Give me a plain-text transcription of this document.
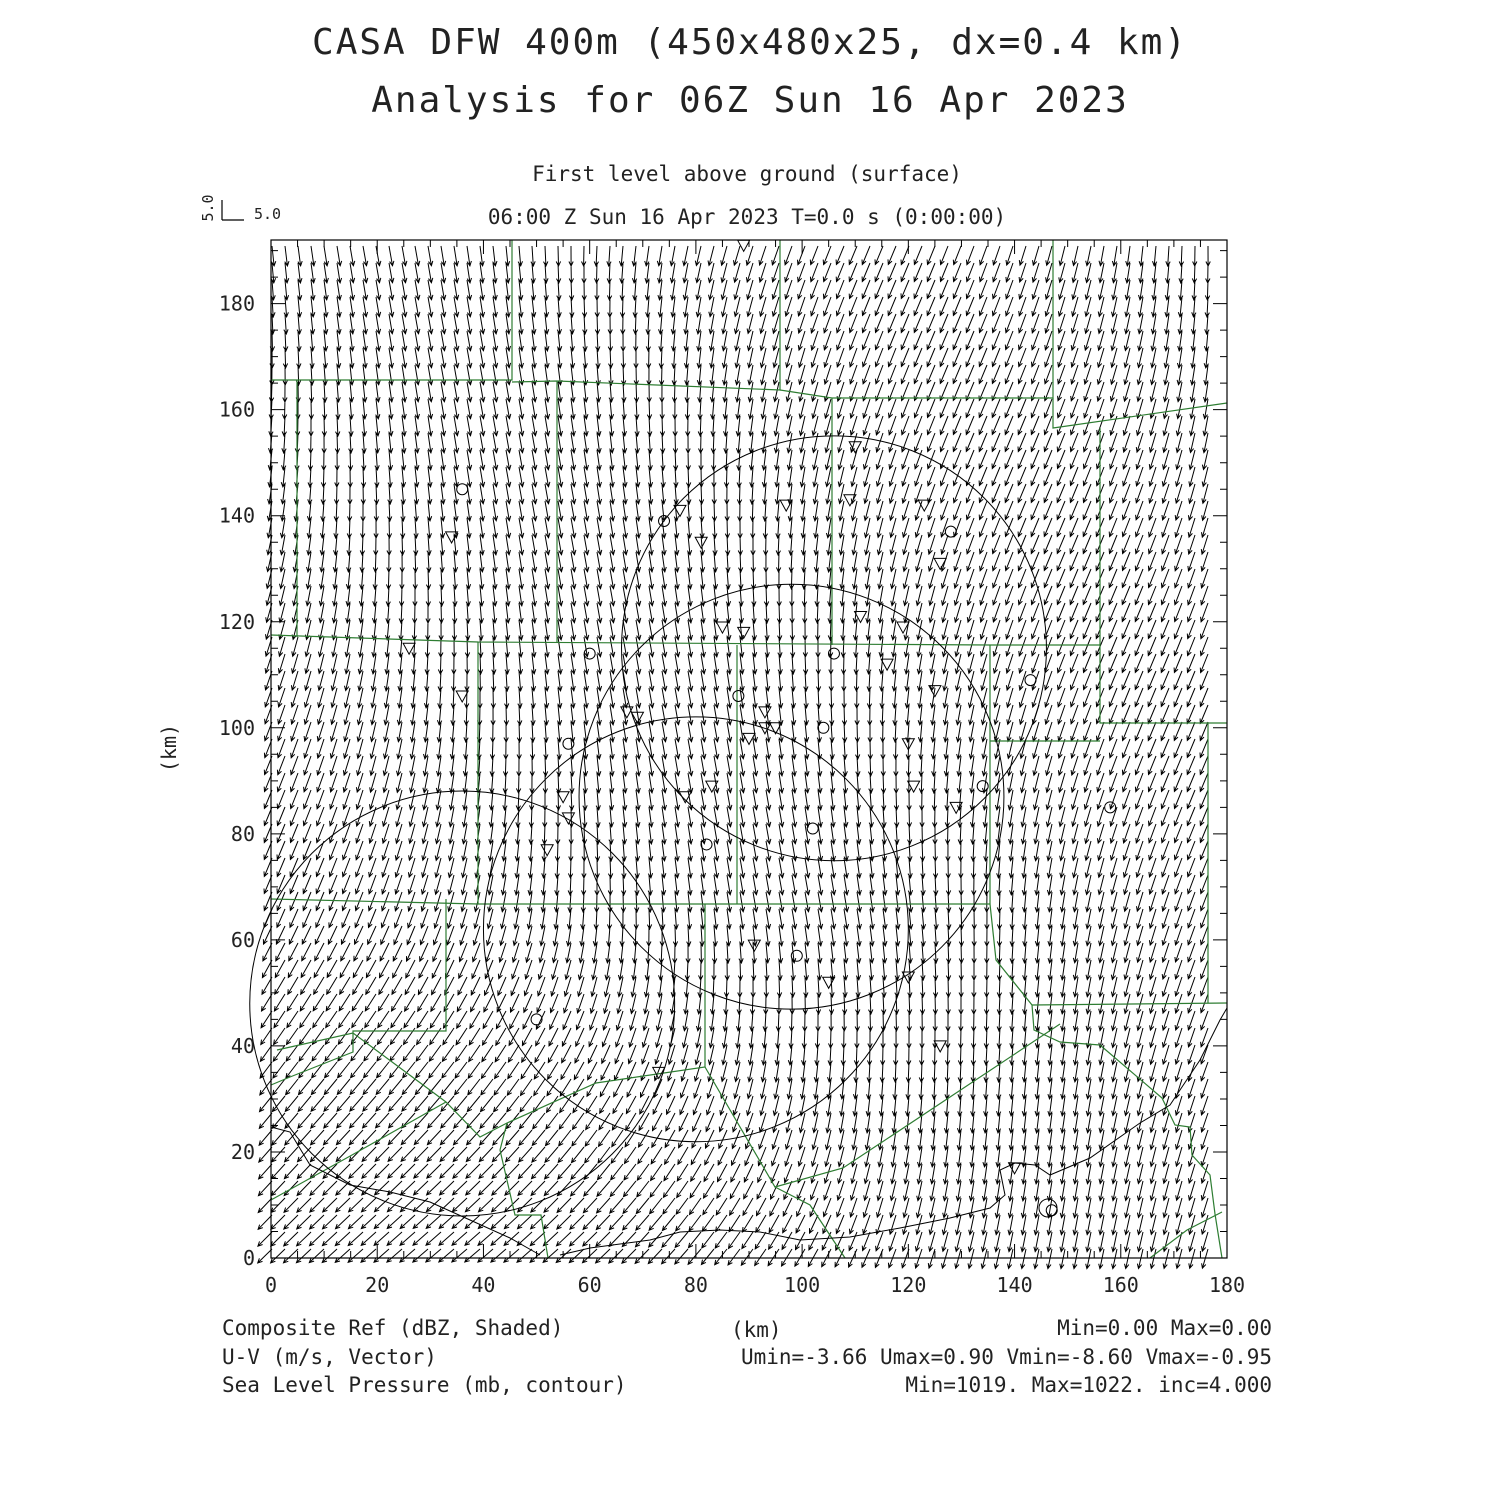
CASA DFW 400m (450x480x25, dx=0.4 km)
Analysis for 06Z Sun 16 Apr 2023
First level above ground (surface)
06:00 Z Sun 16 Apr 2023 T=0.0 s (0:00:00)
0	20	40	60	80	100	120	140	160	180
0
20
40
60
80
100
120
140
160
180
5.0 5.0
(km)
Composite Ref (dBZ, Shaded)	(km)	Min=0.00 Max=0.00
U-V (m/s, Vector)	Umin=-3.66 Umax=0.90 Vmin=-8.60 Vmax=-0.95
Sea Level Pressure (mb, contour)	Min=1019. Max=1022. inc=4.000
